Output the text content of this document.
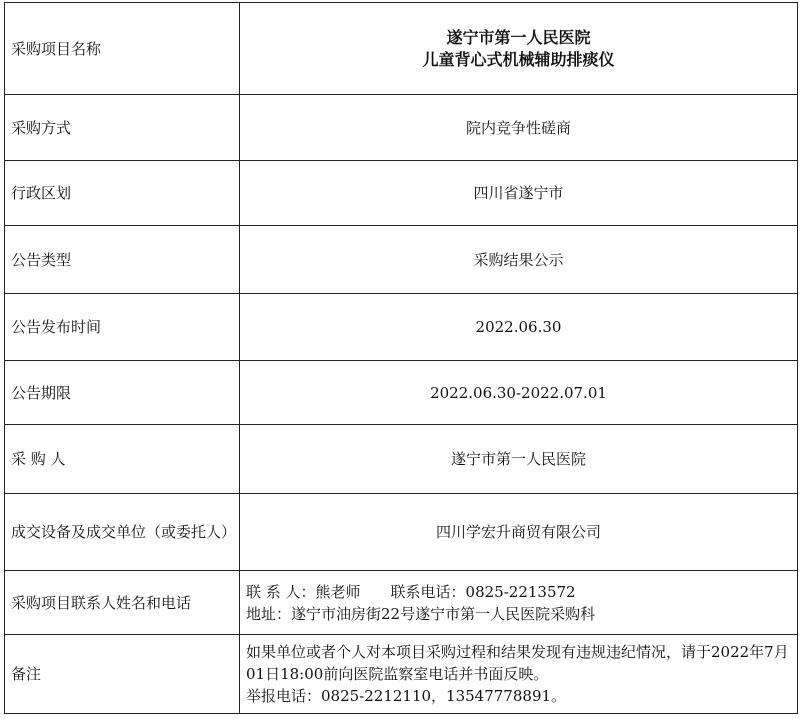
采购项目名称	遂宁市第一人民医院
儿童背心式机械辅助排痰仪

采购方式	院内竞争性磋商
行政区划	四川省遂宁市
公告类型	采购结果公示
公告发布时间	2022.06.30
公告期限	2022.06.30-2022.07.01
采 购 人	遂宁市第一人民医院
成交设备及成交单位（或委托人）	四川学宏升商贸有限公司
采购项目联系人姓名和电话	联 系 人：熊老师　　联系电话：0825-2213572
地址：遂宁市油房街22号遂宁市第一人民医院采购科

备注	如果单位或者个人对本项目采购过程和结果发现有违规违纪情况，请于2022年7月01日18:00前向医院监察室电话并书面反映。
举报电话：0825-2212110，13547778891。
